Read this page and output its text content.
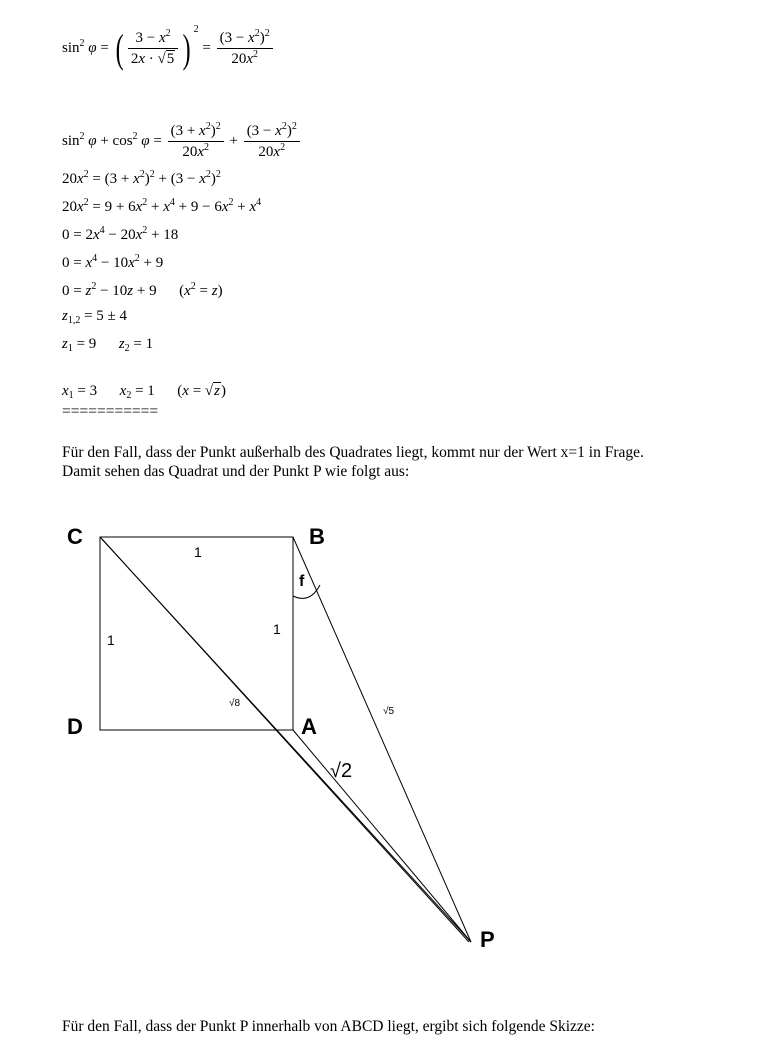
$\sin^2 \varphi$ = ( $\frac{3 - x^2}{2x \cdot √5}$ ) $^2 = \frac{(3 - x^2)^2}{20x^2}$
$\sin^2 \varphi + \cos^2 \varphi = \frac{(3 + x^2)^2}{20x^2} + \frac{(3 - x^2)^2}{20x^2}$
$20x^2 = (3 + x^2)^2 + (3 - x^2)^2$
$20x^2 = 9 + 6x^2 + x^4 + 9 - 6x^2 + x^4$
$0 = 2x^4 - 20x^2 + 18$
$0 = x^4 - 10x^2 + 9$
$0 = z^2 - 10z + 9$      $(x^2 = z)$
$z_{1,2} = 5 \pm 4$
$z_1 = 9$      $z_2 = 1$
$x_1 = 3$      $x_2 = 1$      (x = √z)
===========
Für den Fall, dass der Punkt außerhalb des Quadrates liegt, kommt nur der Wert x=1 in Frage.
Damit sehen das Quadrat und der Punkt P wie folgt aus:
C	B
D	A
P
1
1
1
f
√8
√5
√2
Für den Fall, dass der Punkt P innerhalb von ABCD liegt, ergibt sich folgende Skizze:
